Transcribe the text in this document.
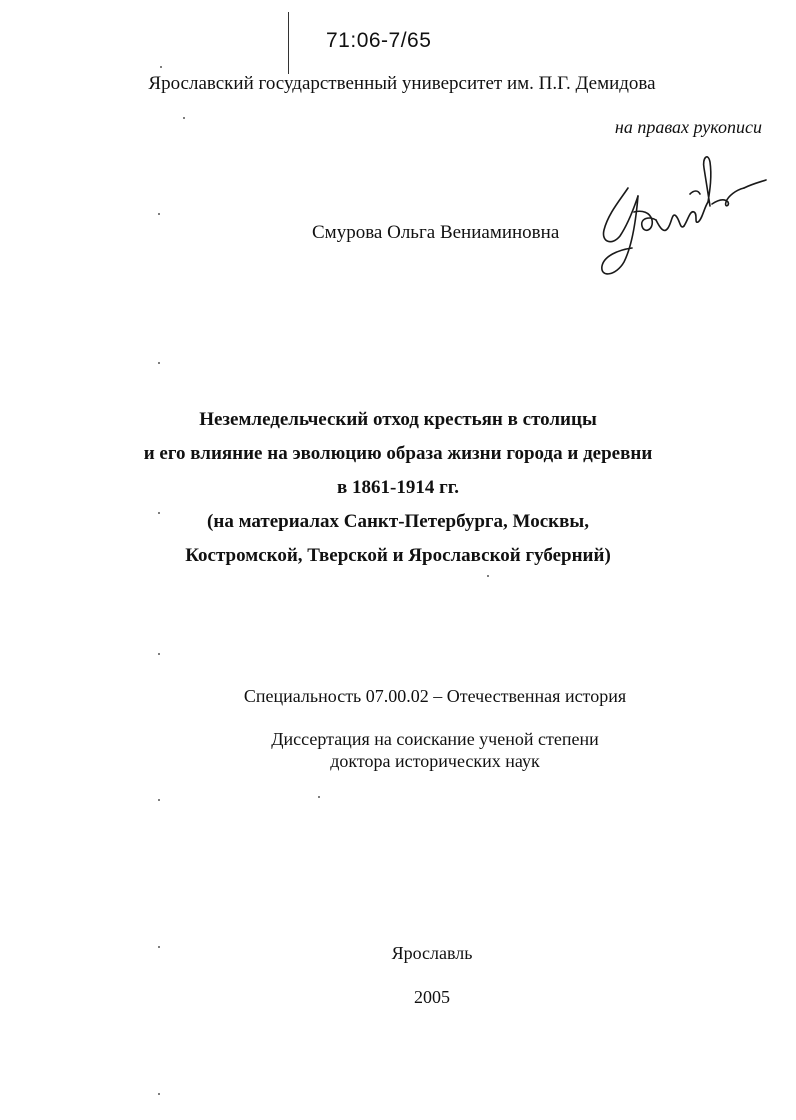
71:06-7/65
Ярославский государственный университет им. П.Г. Демидова
на правах рукописи
Смурова Ольга Вениаминовна
Неземледельческий отход крестьян в столицы
и его влияние на эволюцию образа жизни города и деревни
в 1861-1914 гг.
(на материалах Санкт-Петербурга, Москвы,
Костромской, Тверской и Ярославской губерний)
Специальность 07.00.02 – Отечественная история
Диссертация на соискание ученой степени
доктора исторических наук
Ярославль
2005
